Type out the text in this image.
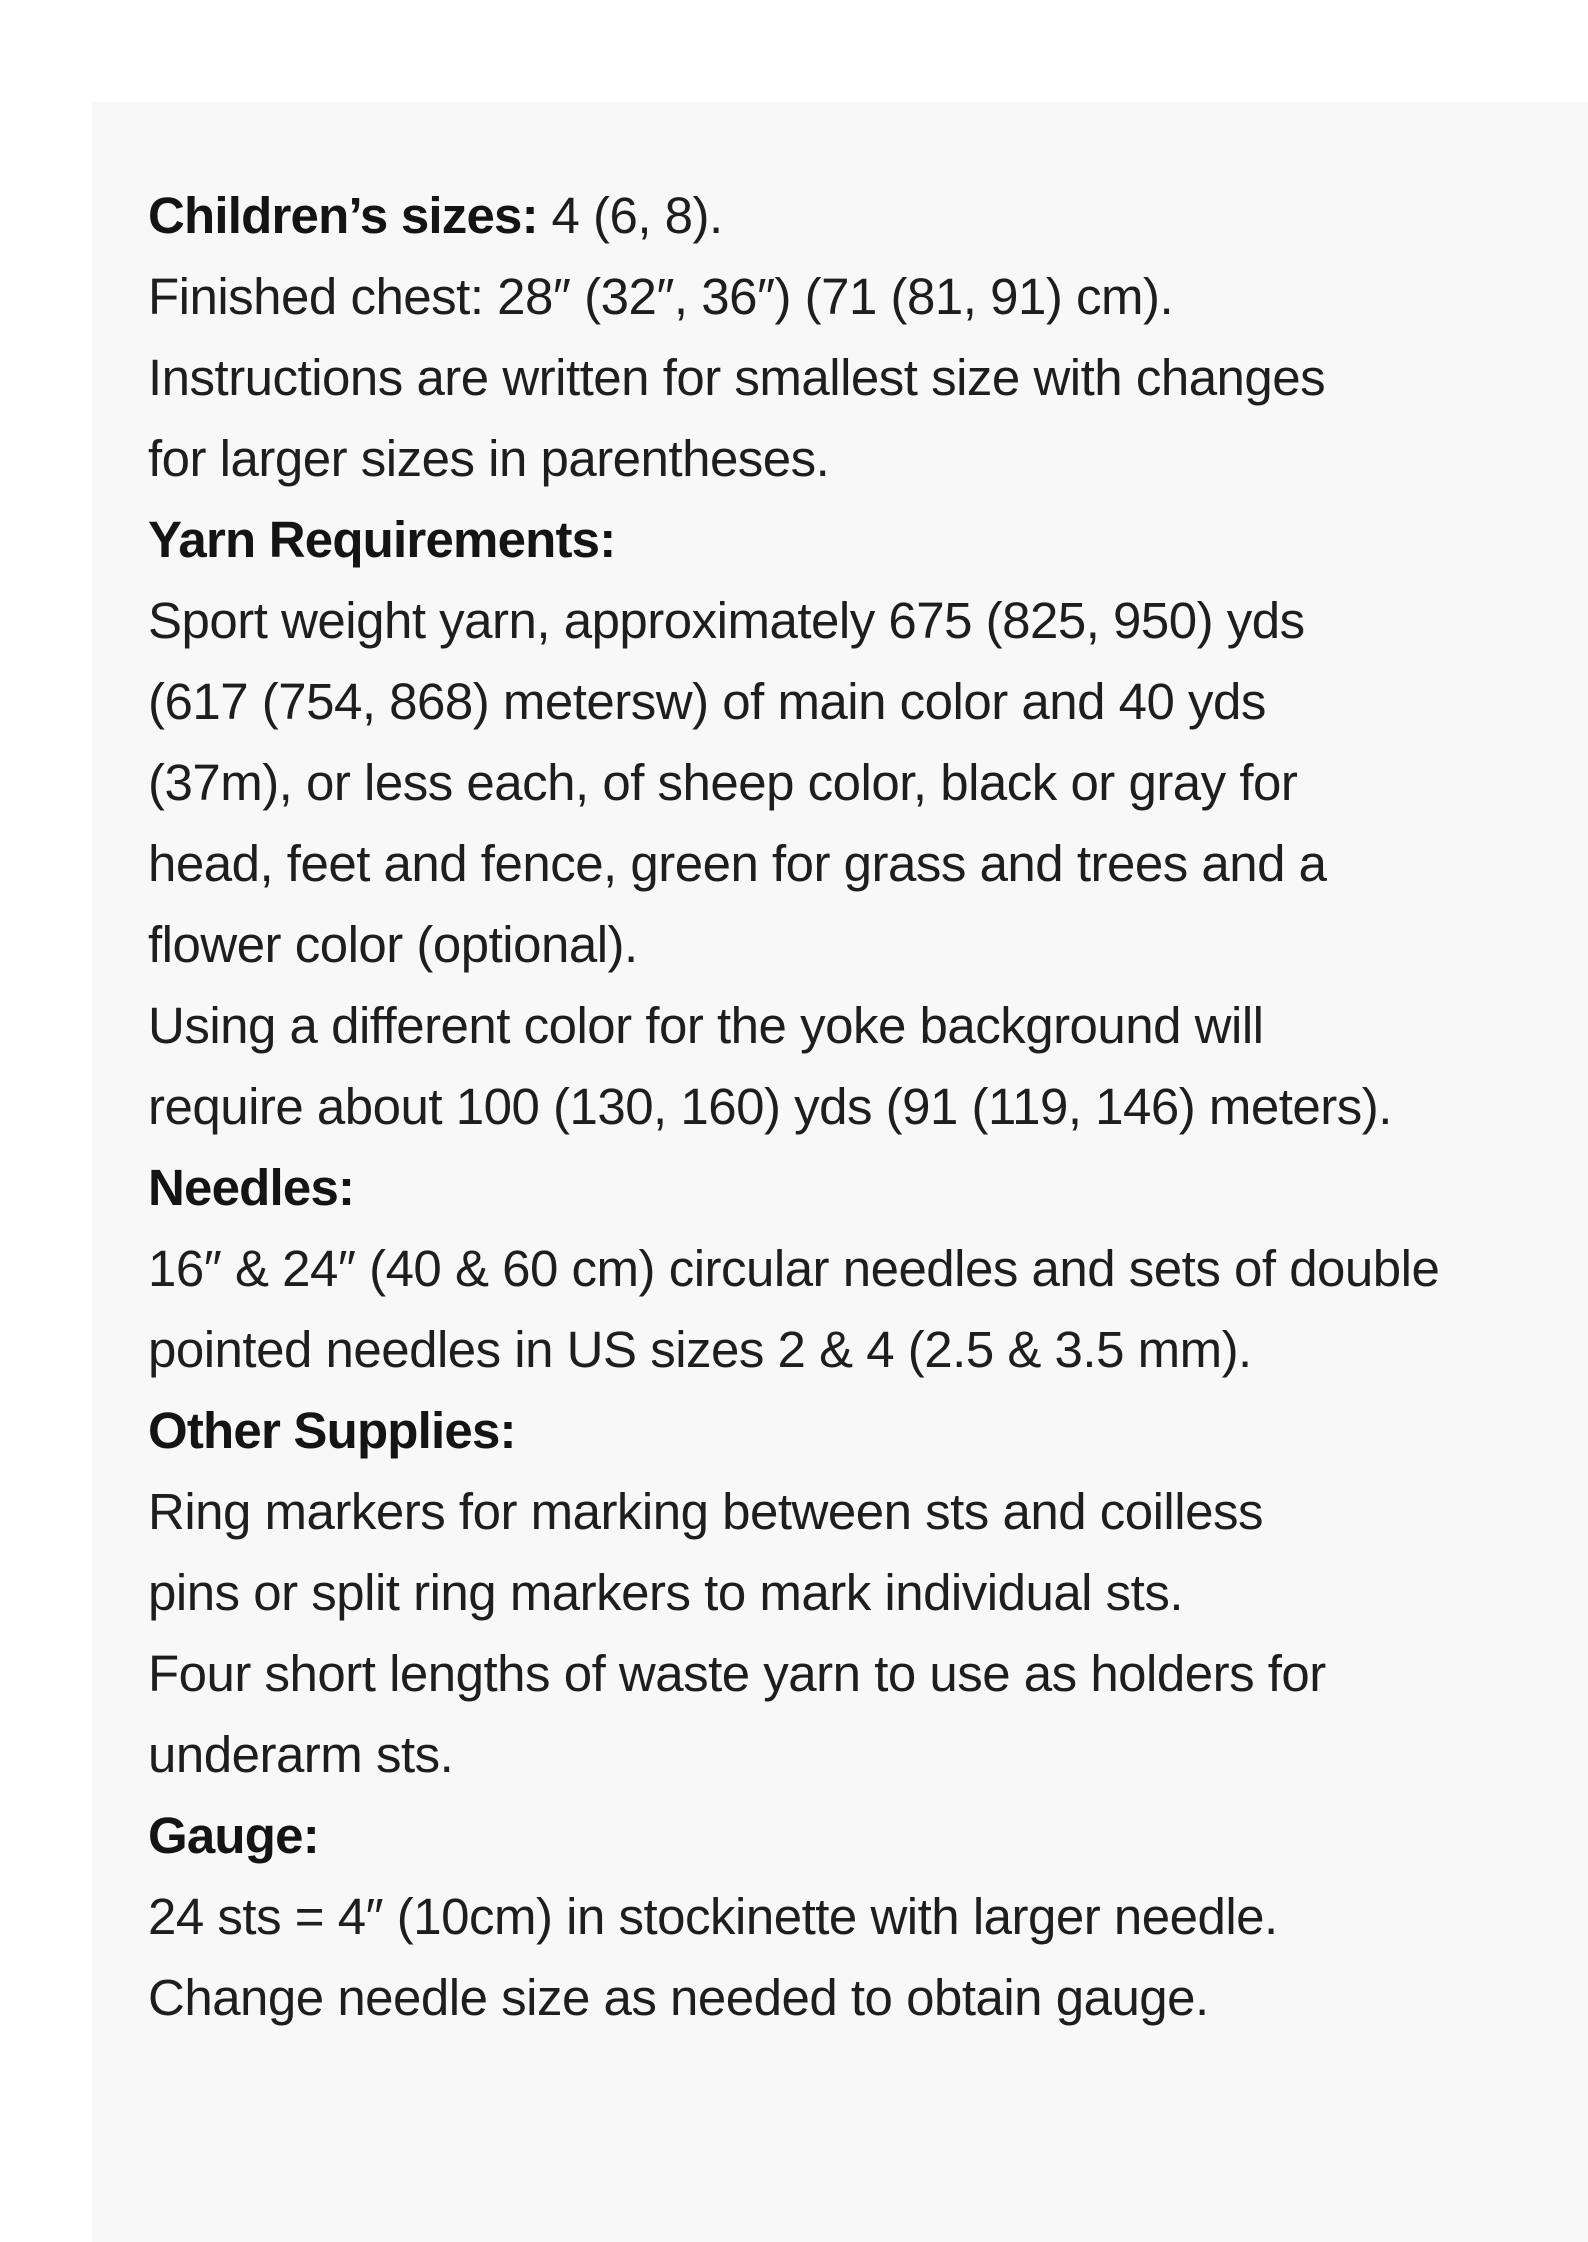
Children’s sizes: 4 (6, 8).
Finished chest: 28″ (32″, 36″) (71 (81, 91) cm).
Instructions are written for smallest size with changes
for larger sizes in parentheses.
Yarn Requirements:
Sport weight yarn, approximately 675 (825, 950) yds
(617 (754, 868) metersw) of main color and 40 yds
(37m), or less each, of sheep color, black or gray for
head, feet and fence, green for grass and trees and a
flower color (optional).
Using a different color for the yoke background will
require about 100 (130, 160) yds (91 (119, 146) meters).
Needles:
16″ & 24″ (40 & 60 cm) circular needles and sets of double
pointed needles in US sizes 2 & 4 (2.5 & 3.5 mm).
Other Supplies:
Ring markers for marking between sts and coilless
pins or split ring markers to mark individual sts.
Four short lengths of waste yarn to use as holders for
underarm sts.
Gauge:
24 sts = 4″ (10cm) in stockinette with larger needle.
Change needle size as needed to obtain gauge.
